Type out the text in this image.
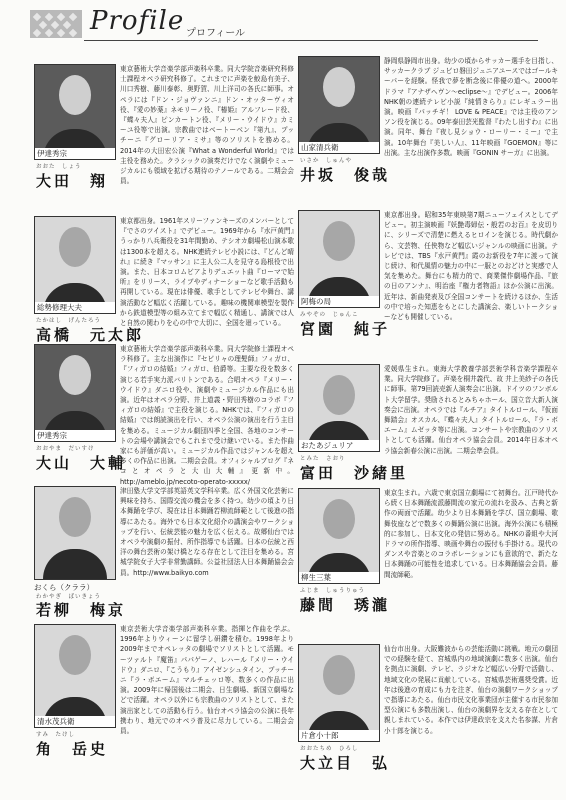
Profile プロフィール
伊達秀宗
おおた　しょう
大田　翔
東京藝術大学音楽学部声楽科卒業。同大学院音楽研究科修士課程オペラ研究科修了。これまでに声楽を鮫島有美子、川口秀樹、藤川泰彰、奥野賀、川上洋司の各氏に師事。オペラには『ドン・ジョヴァンニ』ドン・オッターヴィオ役、『愛の妙薬』ネモリーノ役、『椿姫』アルフレード役、『蝶々夫人』ピンカートン役、『メリー・ウイドウ』カミーユ役等で出演。宗教曲ではベートーベン『第九』、プッチーニ『グローリア・ミサ』等のソリストを務める。2014年の大田宏公演『What a Wonderful World』では主役を務めた。クラシックの演奏だけでなく演劇やミュージカルにも領域を拡げる期待のテノールである。二期会会員。
総勢修理大夫
たかはし　げんたろう
高橋　元太郎
東京都出身。1961年スリーファンキーズのメンバーとして『でさのツイスト』でデビュー。1969年から『水戸黄門』うっかり八兵衛役を31年間勤め、テシオカ劇場松山演本歌は1300本を超える。NHK連続テレビ小説には、『どんど晴れ』に続き『マッサン』に主人公二人を見守る島根役で出演。また、日本コロムビアよりデュエット曲『ローマで始昕』をリリース、ライブやディナーショーなど歌手活動も再開している。現在は俳優、歌手としてテレビや舞台、講演活動など幅広く活躍している。趣味の機関車模型を製作から鉄道模型等の組み立てまで幅広く精通し、講演では人と自然の関わりを心の中で大切に、全国を廻っている。
伊達秀宗
おおやま　だいすけ
大山　大輔
東京藝術大学音楽学部声楽科卒業。同大学院修士課程オペラ科修了。主な出演作に『セビリャの理髪師』フィガロ、『フィガロの結婚』フィガロ、伯爵等。主要な役を数多く演じる若手実力派バリトンである。合唱オペラ『メリー・ウイドウ』ダニロ役や、演劇やミュージカル作品にも出演。近年はオペラ分野、井上道義・野田秀樹のコラボ『フィガロの結婚』で主役を演じる。NHKでは、『フィガロの結婚』では朗読演出を行い、オペラ公演の演出を行う主目を集める。ミュージカル劇団四季と全国、各地のコンサートの会場や講演会でもこれまで受け継いでいる。また作曲家にも評価が高い。ミュージカル作品ではジャンルを超え多くの作品に出演。二期会会員。オフィシャルブログ『ネコとオペラと大山大輔』更新中。http://ameblo.jp/necoto-operato-xxxxx/
おくら（クララ）
わかやぎ　ばいきょう
若柳　梅京
津田塾大学文学部英語英文学科卒業。広く外国文化芸術に興味を持ち、国際交流の機会を多く持つ。幼少の頃より日本舞踊を学び、現在は日本舞踊若柳流師範として後進の指導にあたる。海外でも日本文化紹介の講演会やワークショップを行い、伝統芸能の魅力を広く伝える。故郷仙台ではオペラや演劇の振付、所作指導でも活躍。日本の伝統と西洋の舞台芸術の架け橋となる存在として注目を集める。宮城学院女子大学非常勤講師。公益社団法人日本舞踊協会会員。http://www.baikyo.com
清水茂兵衛
すみ　たけし
角　岳史
東京芸術大学音楽学部声楽科卒業。指揮と作曲を学ぶ。1996年よりウィーンに留学し研鑽を積む。1998年より2009年までオペレッタの劇場でソリストとして活躍。モーツァルト『魔笛』パパゲーノ、レハール『メリー・ウイドウ』ダニロ、『こうもり』アイゼンシュタイン、プッチーニ『ラ・ボエーム』マルチェッロ等、数多くの作品に出演。2009年に帰国後は二期会、日生劇場、新国立劇場などで活躍。オペラ以外にも宗教曲のソリストとして、また演出家としての活動も行う。仙台オペラ協会の公演に長年携わり、地元でのオペラ普及に尽力している。二期会会員。
山家清兵衛
いさか　しゅんや
井坂　俊哉
静岡県静岡市出身。幼少の頃からサッカー選手を目指し、サッカークラブ ジュビロ磐田ジュニアユースではゴールキーパーを経験。怪我で夢を断念後に俳優の道へ。2000年ドラマ『アナザヘヴン～eclipse～』でデビュー。2006年NHK朝の連続テレビ小説『純情きらり』にレギュラー出演。映画『パッチギ！ LOVE & PEACE』では主役のアンソン役を演じる。09年泰田芸光監督『わたし出すわ』に出演。同年、舞台『夜し見ショウ・ローリー・ミー』で主演。10年舞台『美しい人』、11年映画『GOEMON』等に出演。主な出演作多数。映画『GONIN サーガ』に出演。
阿梅の局
みやぞの　じゅんこ
宮園　純子
東京都出身。昭和35年東映第7期ニューフェイスとしてデビュー。初主演映画『妖艶毒婦伝・般若のお百』を皮切りに、シリーズで清楚に燃えるヒロインを演じる。時代劇から、文芸物、任侠物など幅広いジャンルの映画に出演。テレビでは、TBS『水戸黄門』霞のお新役を7年に渡って演じ続け、和代風情の魅力の中に一服とのおどけと実感で人気を集めた。舞台にも精力的で、商業傑作劇場作品、『旅の日のアンナ』、明治座『権力者物語』ほか公演に出演。近年は、新曲発表及び全国コンサートを続けるほか、生活の中で培った知恵をもとにした講演会、楽しいトークショーなども開催している。
おたあジュリア
とみた　さおり
富田　沙緒里
愛媛県生まれ。東海大学教養学部芸術学科音楽学課程卒業。同大学院修了。声楽を桐井義代、故 井上美紗子の各氏に師事。第79回読売新人演奏会に出演。ドイツのフンボルト大学留学。奨励されるとみちゃホール、国立音大新人演奏会に出演。オペラでは『ルチア』タイトルロール、『仮面舞踏会』オスカル、『蝶々夫人』タイトルロール、『ラ・ボエーム』ムゼッタ等に出演。コンサートや宗教曲のソリストとしても活躍。仙台オペラ協会会員。2014年日本オペラ協会新春公演に出演。二期会準会員。
柳生三葉
ふじま　しゅうりゅう
藤間　琇瀧
東京生まれ。六歳で東京国立劇場にて初舞台。江戸時代から続く日本舞踊流派藤間流の家元の流れを汲み、古典と新作の両面で活躍。幼少より日本舞踊を学び、国立劇場、歌舞伎座などで数多くの舞踊公演に出演。海外公演にも積極的に参加し、日本文化の発信に努める。NHKの番組や大河ドラマの所作指導、映画や舞台の振付も手掛ける。現代のダンスや音楽とのコラボレーションにも意欲的で、新たな日本舞踊の可能性を追求している。日本舞踊協会会員。藤間流師範。
片倉小十郎
おおたちめ　ひろし
大立目　弘
仙台市出身。大阪難波からの芸能活動に挑戦。地元の劇団での経験を経て、宮城県内の地域演劇に数多く出演。仙台を拠点に演劇、テレビ、ラジオなど幅広い分野で活動し、地域文化の発展に貢献している。宮城県芸術選奨受賞。近年は後進の育成にも力を注ぎ、仙台の演劇ワークショップで指導にあたる。仙台市民文化事業団が主催する市民参加型公演にも多数出演し、仙台の演劇界を支える存在として親しまれている。本作では伊達政宗を支えた名参謀、片倉小十郎を演じる。
